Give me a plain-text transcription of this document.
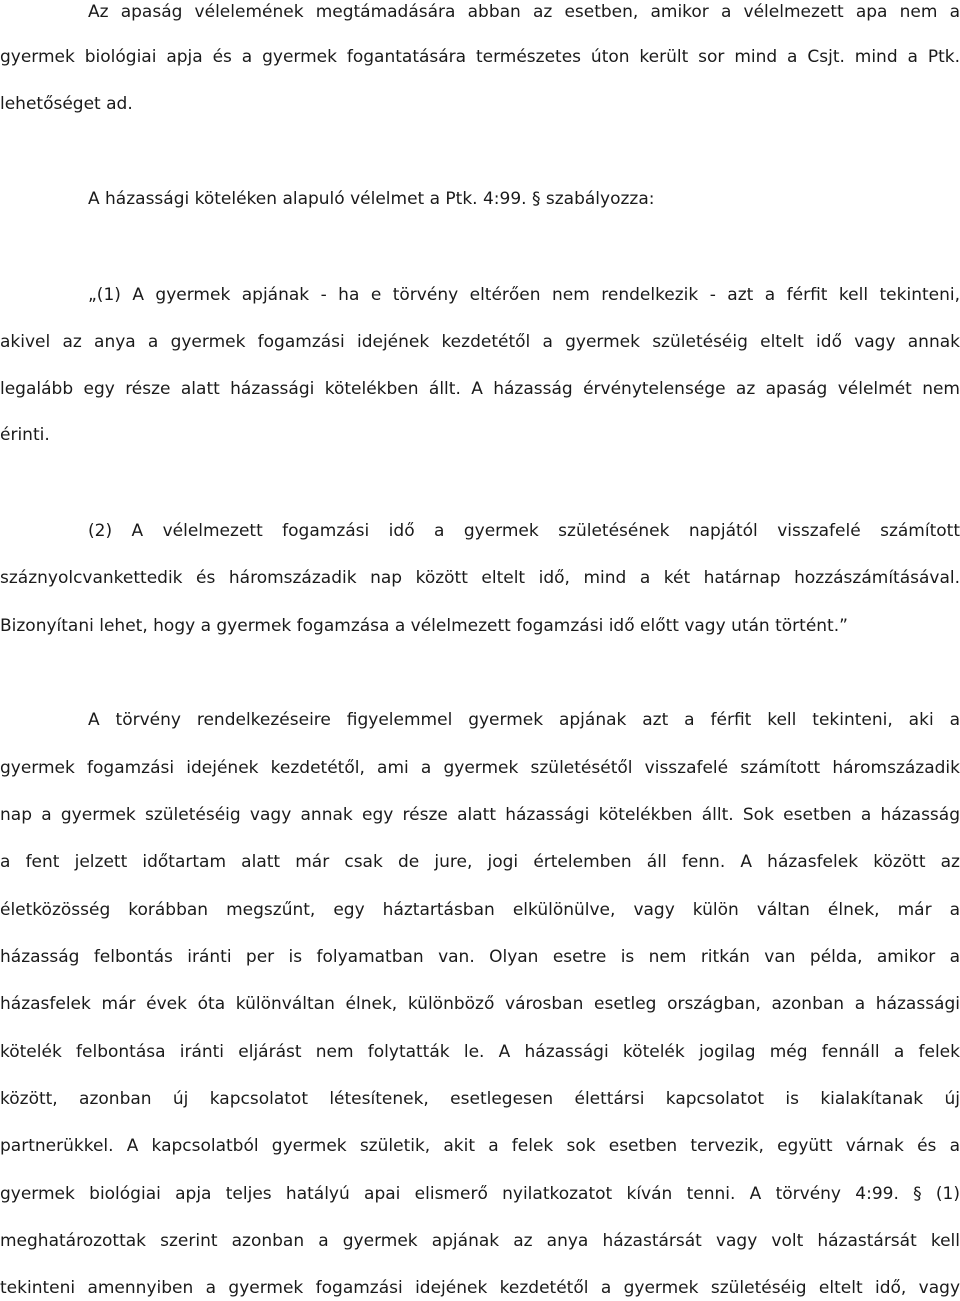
Az apaság vélelemének megtámadására abban az esetben, amikor a vélelmezett apa nem a

gyermek biológiai apja és a gyermek fogantatására természetes úton került sor mind a Csjt. mind a Ptk.

lehetőséget ad.

A házassági köteléken alapuló vélelmet a Ptk. 4:99. § szabályozza:

„(1) A gyermek apjának - ha e törvény eltérően nem rendelkezik - azt a férfit kell tekinteni,

akivel az anya a gyermek fogamzási idejének kezdetétől a gyermek születéséig eltelt idő vagy annak

legalább egy része alatt házassági kötelékben állt. A házasság érvénytelensége az apaság vélelmét nem

érinti.

(2) A vélelmezett fogamzási idő a gyermek születésének napjától visszafelé számított

száznyolcvankettedik és háromszázadik nap között eltelt idő, mind a két határnap hozzászámításával.

Bizonyítani lehet, hogy a gyermek fogamzása a vélelmezett fogamzási idő előtt vagy után történt.”

A törvény rendelkezéseire figyelemmel gyermek apjának azt a férfit kell tekinteni, aki a

gyermek fogamzási idejének kezdetétől, ami a gyermek születésétől visszafelé számított háromszázadik

nap a gyermek születéséig vagy annak egy része alatt házassági kötelékben állt. Sok esetben a házasság

a fent jelzett időtartam alatt már csak de jure, jogi értelemben áll fenn. A házasfelek között az

életközösség korábban megszűnt, egy háztartásban elkülönülve, vagy külön váltan élnek, már a

házasság felbontás iránti per is folyamatban van. Olyan esetre is nem ritkán van példa, amikor a

házasfelek már évek óta különváltan élnek, különböző városban esetleg országban, azonban a házassági

kötelék felbontása iránti eljárást nem folytatták le. A házassági kötelék jogilag még fennáll a felek

között, azonban új kapcsolatot létesítenek, esetlegesen élettársi kapcsolatot is kialakítanak új

partnerükkel. A kapcsolatból gyermek születik, akit a felek sok esetben tervezik, együtt várnak és a

gyermek biológiai apja teljes hatályú apai elismerő nyilatkozatot kíván tenni. A törvény 4:99. § (1)

meghatározottak szerint azonban a gyermek apjának az anya házastársát vagy volt házastársát kell

tekinteni amennyiben a gyermek fogamzási idejének kezdetétől a gyermek születéséig eltelt idő, vagy
